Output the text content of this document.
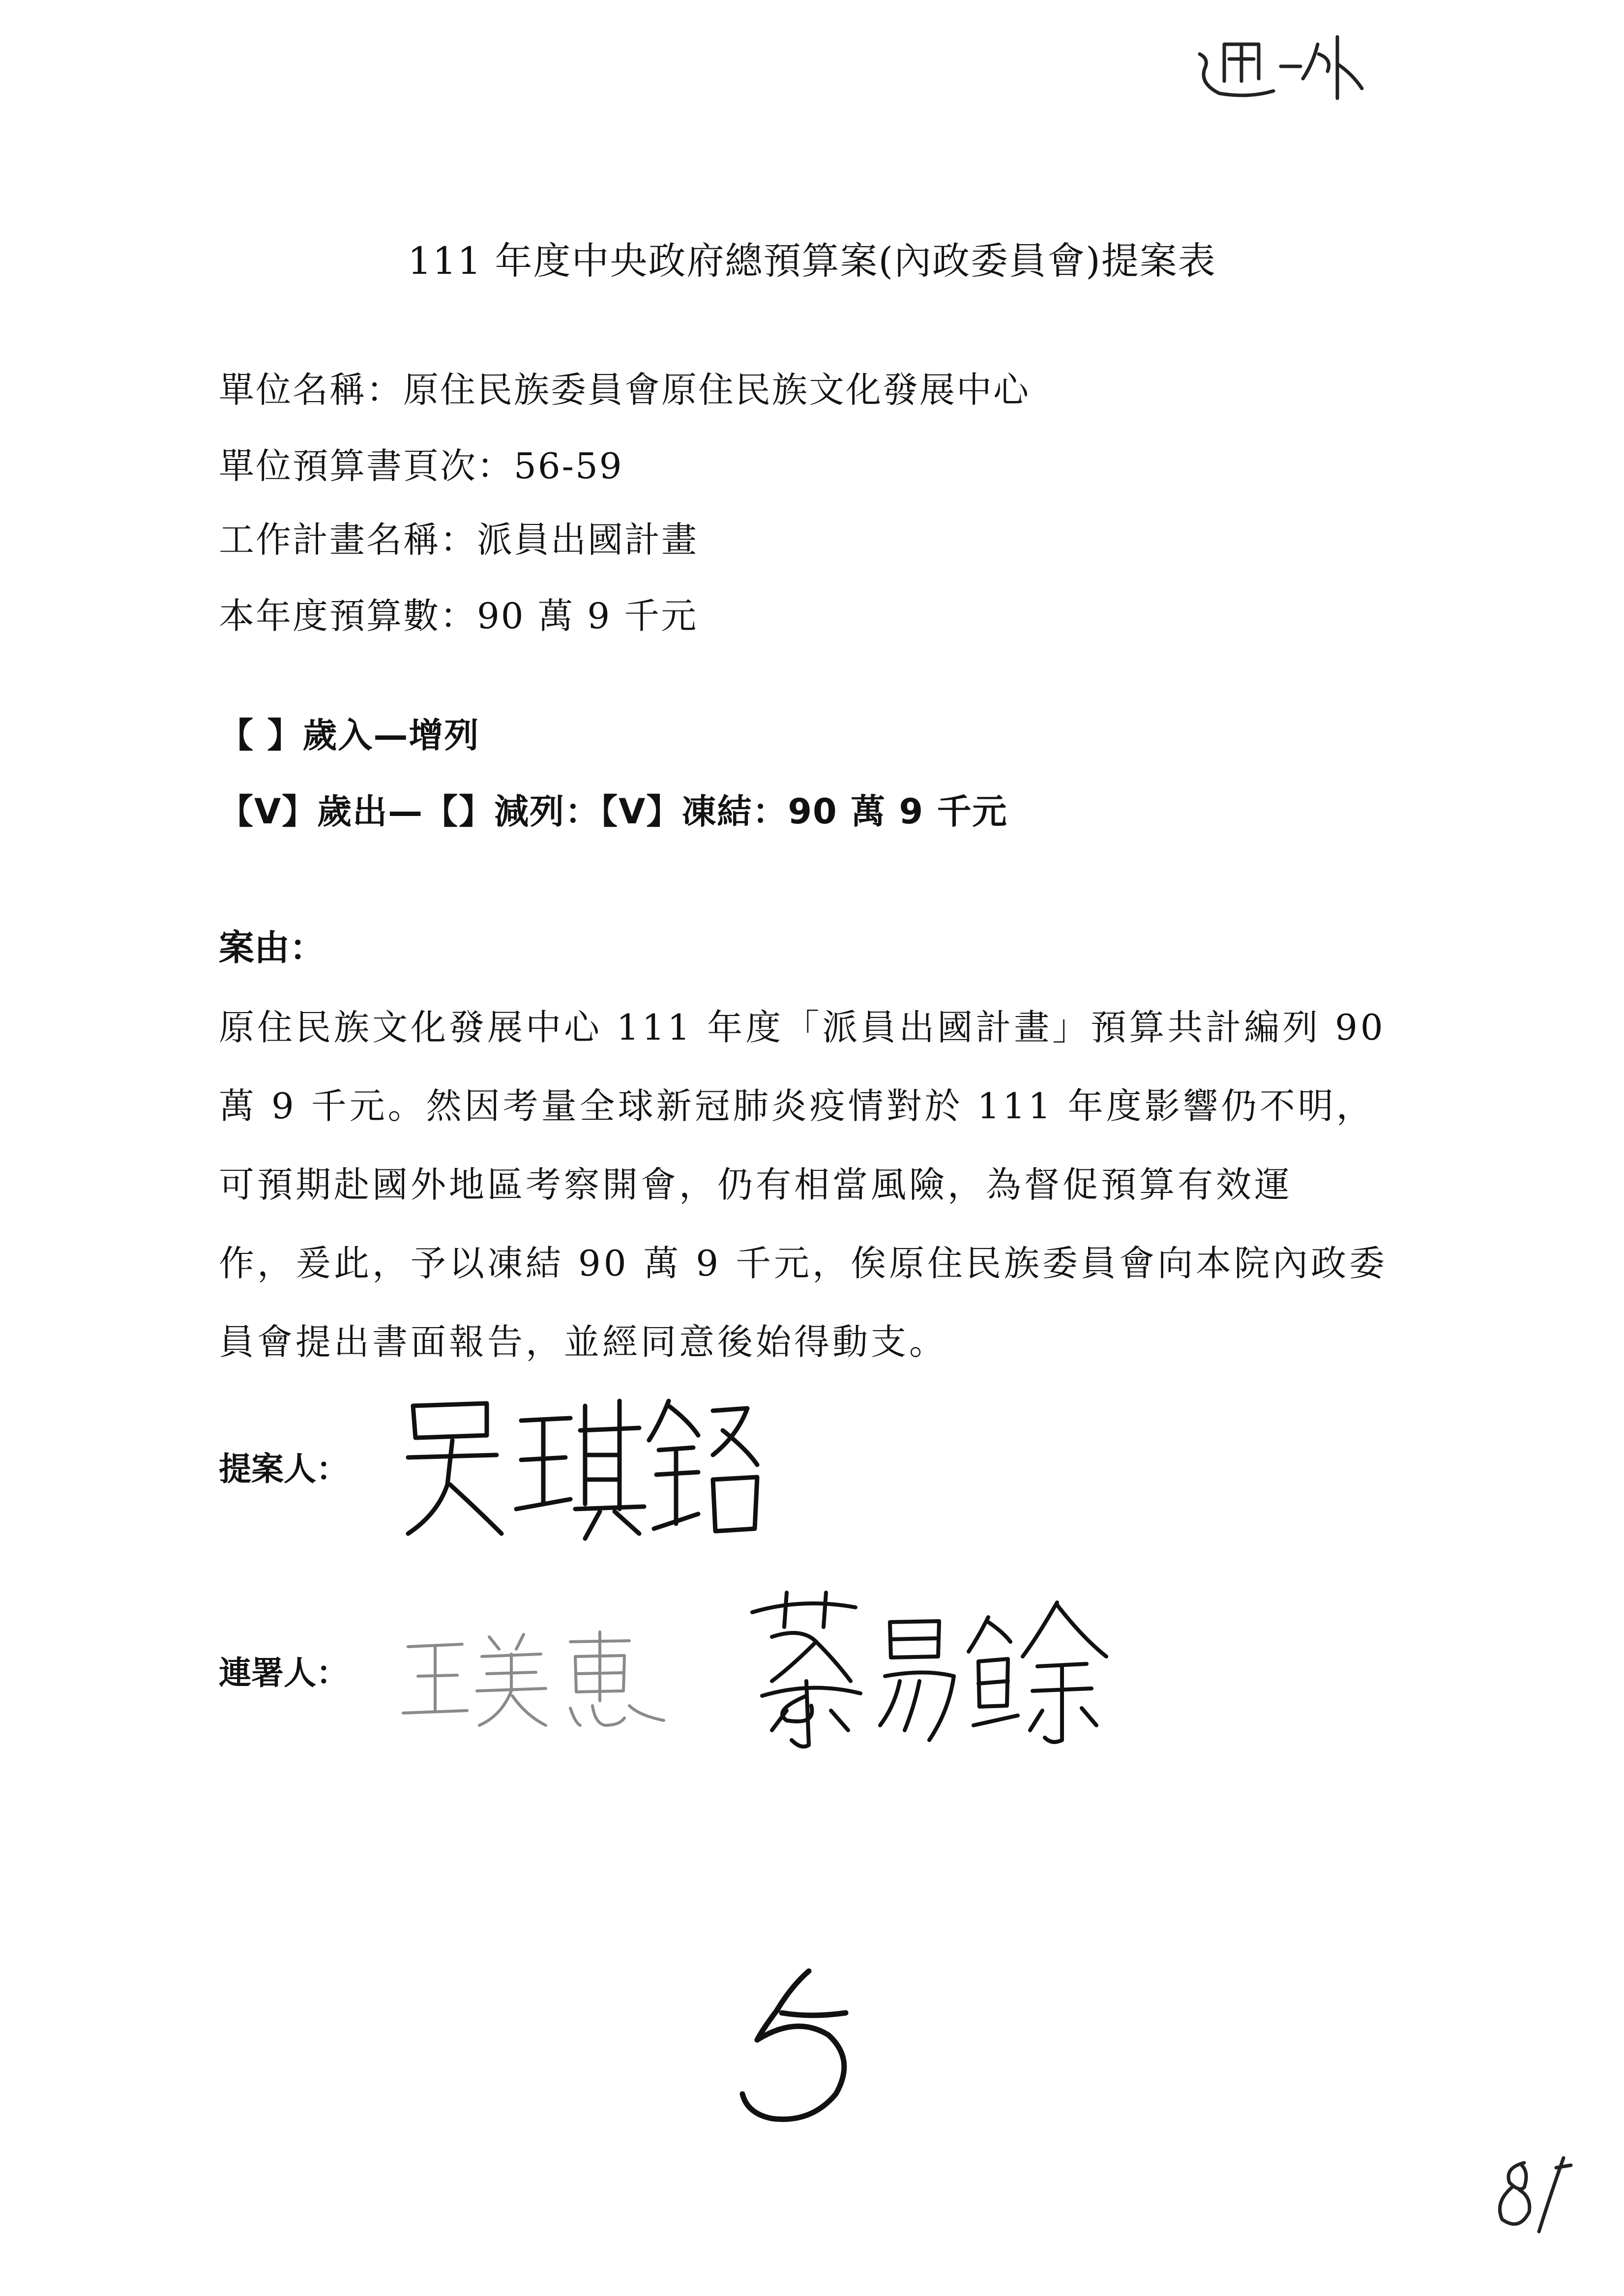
111 年度中央政府總預算案(內政委員會)提案表
單位名稱：原住民族委員會原住民族文化發展中心
單位預算書頁次：56-59
工作計畫名稱：派員出國計畫
本年度預算數：90 萬 9 千元
【 】歲入—增列
【V】歲出—【】減列：【V】凍結：90 萬 9 千元
案由：
原住民族文化發展中心 111 年度「派員出國計畫」預算共計編列 90
萬 9 千元。然因考量全球新冠肺炎疫情對於 111 年度影響仍不明，
可預期赴國外地區考察開會，仍有相當風險，為督促預算有效運
作，爰此，予以凍結 90 萬 9 千元，俟原住民族委員會向本院內政委
員會提出書面報告，並經同意後始得動支。
提案人：
連署人：
